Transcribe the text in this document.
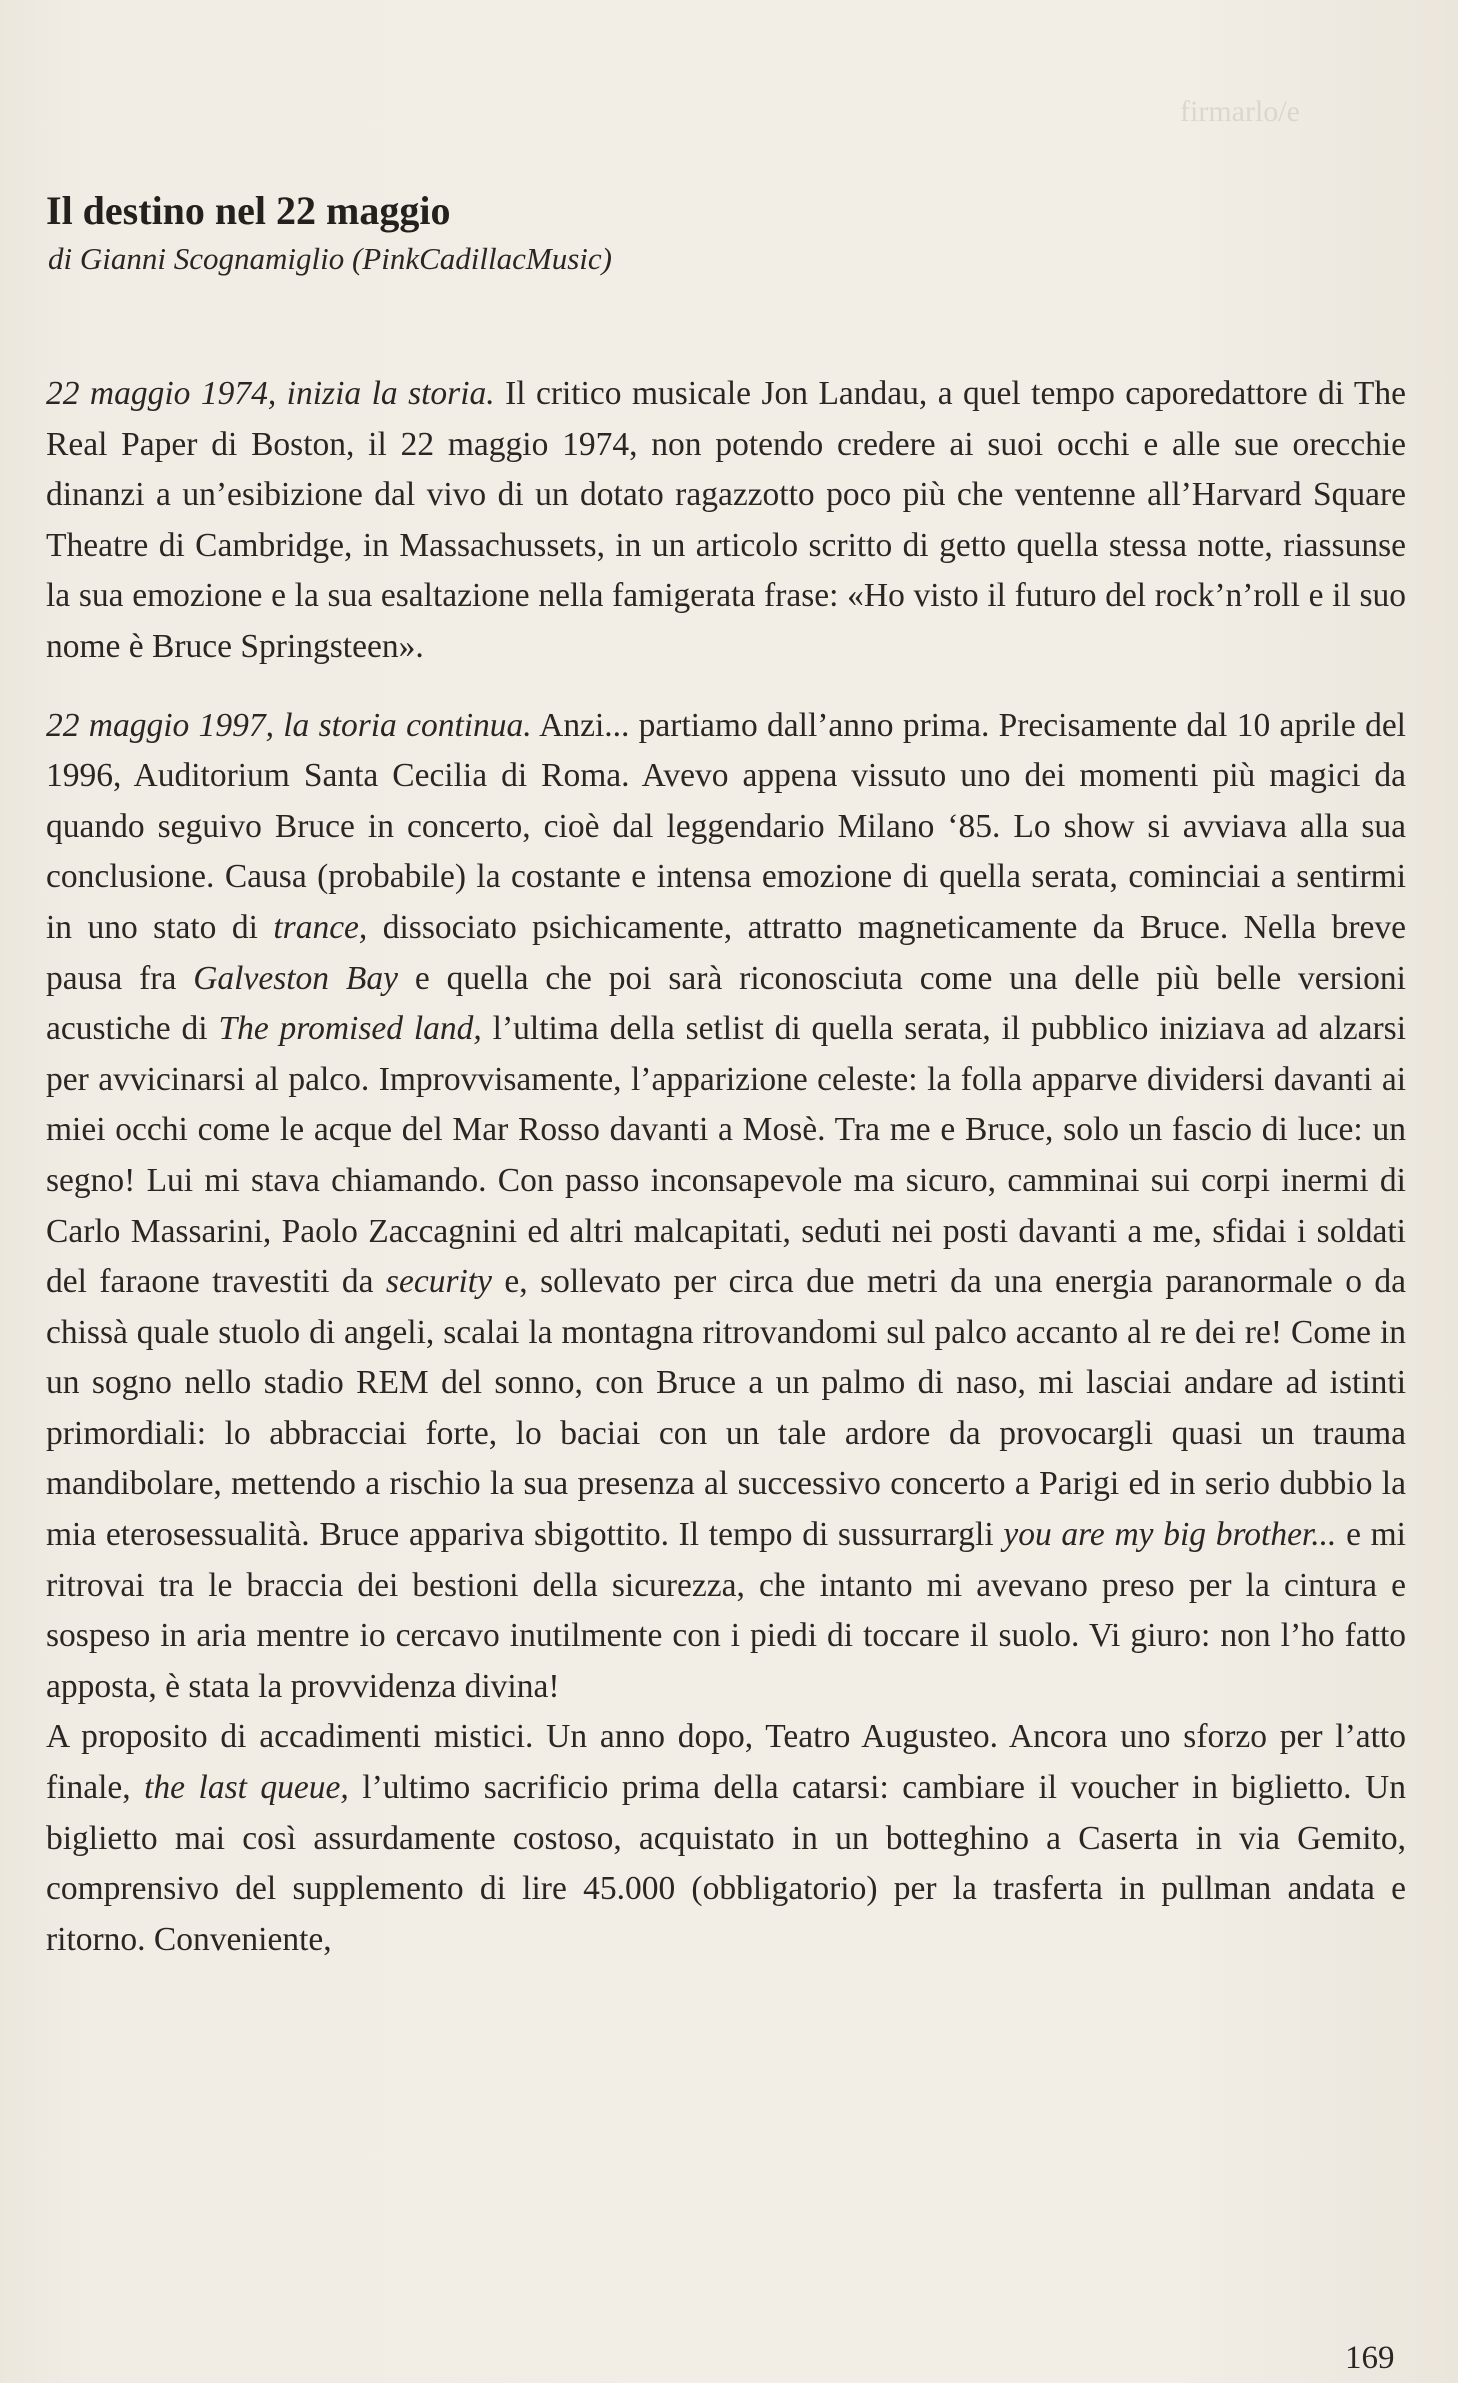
firmarlo/e
Il destino nel 22 maggio

di Gianni Scognamiglio (PinkCadillacMusic)

22 maggio 1974, inizia la storia. Il critico musicale Jon Landau, a quel tempo caporedattore di The Real Paper di Boston, il 22 maggio 1974, non potendo credere ai suoi occhi e alle sue orecchie dinanzi a un’esibizione dal vivo di un dotato ragazzotto poco più che ventenne all’Harvard Square Theatre di Cambridge, in Massachussets, in un articolo scritto di getto quella stessa notte, riassunse la sua emozione e la sua esaltazione nella famigerata frase: «Ho visto il futuro del rock’n’roll e il suo nome è Bruce Springsteen».

22 maggio 1997, la storia continua. Anzi... partiamo dall’anno prima. Precisamente dal 10 aprile del 1996, Auditorium Santa Cecilia di Roma. Avevo appena vissuto uno dei momenti più magici da quando seguivo Bruce in concerto, cioè dal leggendario Milano ‘85. Lo show si avviava alla sua conclusione. Causa (probabile) la costante e intensa emozione di quella serata, cominciai a sentirmi in uno stato di trance, dissociato psichicamente, attratto magneticamente da Bruce. Nella breve pausa fra Galveston Bay e quella che poi sarà riconosciuta come una delle più belle versioni acustiche di The promised land, l’ultima della setlist di quella serata, il pubblico iniziava ad alzarsi per avvicinarsi al palco. Improvvisamente, l’apparizione celeste: la folla apparve dividersi davanti ai miei occhi come le acque del Mar Rosso davanti a Mosè. Tra me e Bruce, solo un fascio di luce: un segno! Lui mi stava chiamando. Con passo inconsapevole ma sicuro, camminai sui corpi inermi di Carlo Massarini, Paolo Zaccagnini ed altri malcapitati, seduti nei posti davanti a me, sfidai i soldati del faraone travestiti da security e, sollevato per circa due metri da una energia paranormale o da chissà quale stuolo di angeli, scalai la montagna ritrovandomi sul palco accanto al re dei re! Come in un sogno nello stadio REM del sonno, con Bruce a un palmo di naso, mi lasciai andare ad istinti primordiali: lo abbracciai forte, lo baciai con un tale ardore da provocargli quasi un trauma mandibolare, mettendo a rischio la sua presenza al successivo concerto a Parigi ed in serio dubbio la mia eterosessualità. Bruce appariva sbigottito. Il tempo di sussurrargli you are my big brother... e mi ritrovai tra le braccia dei bestioni della sicurezza, che intanto mi avevano preso per la cintura e sospeso in aria mentre io cercavo inutilmente con i piedi di toccare il suolo. Vi giuro: non l’ho fatto apposta, è stata la provvidenza divina!

A proposito di accadimenti mistici. Un anno dopo, Teatro Augusteo. Ancora uno sforzo per l’atto finale, the last queue, l’ultimo sacrificio prima della catarsi: cambiare il voucher in biglietto. Un biglietto mai così assurdamente costoso, acquistato in un botteghino a Caserta in via Gemito, comprensivo del supplemento di lire 45.000 (obbligatorio) per la trasferta in pullman andata e ritorno. Conveniente,

169
